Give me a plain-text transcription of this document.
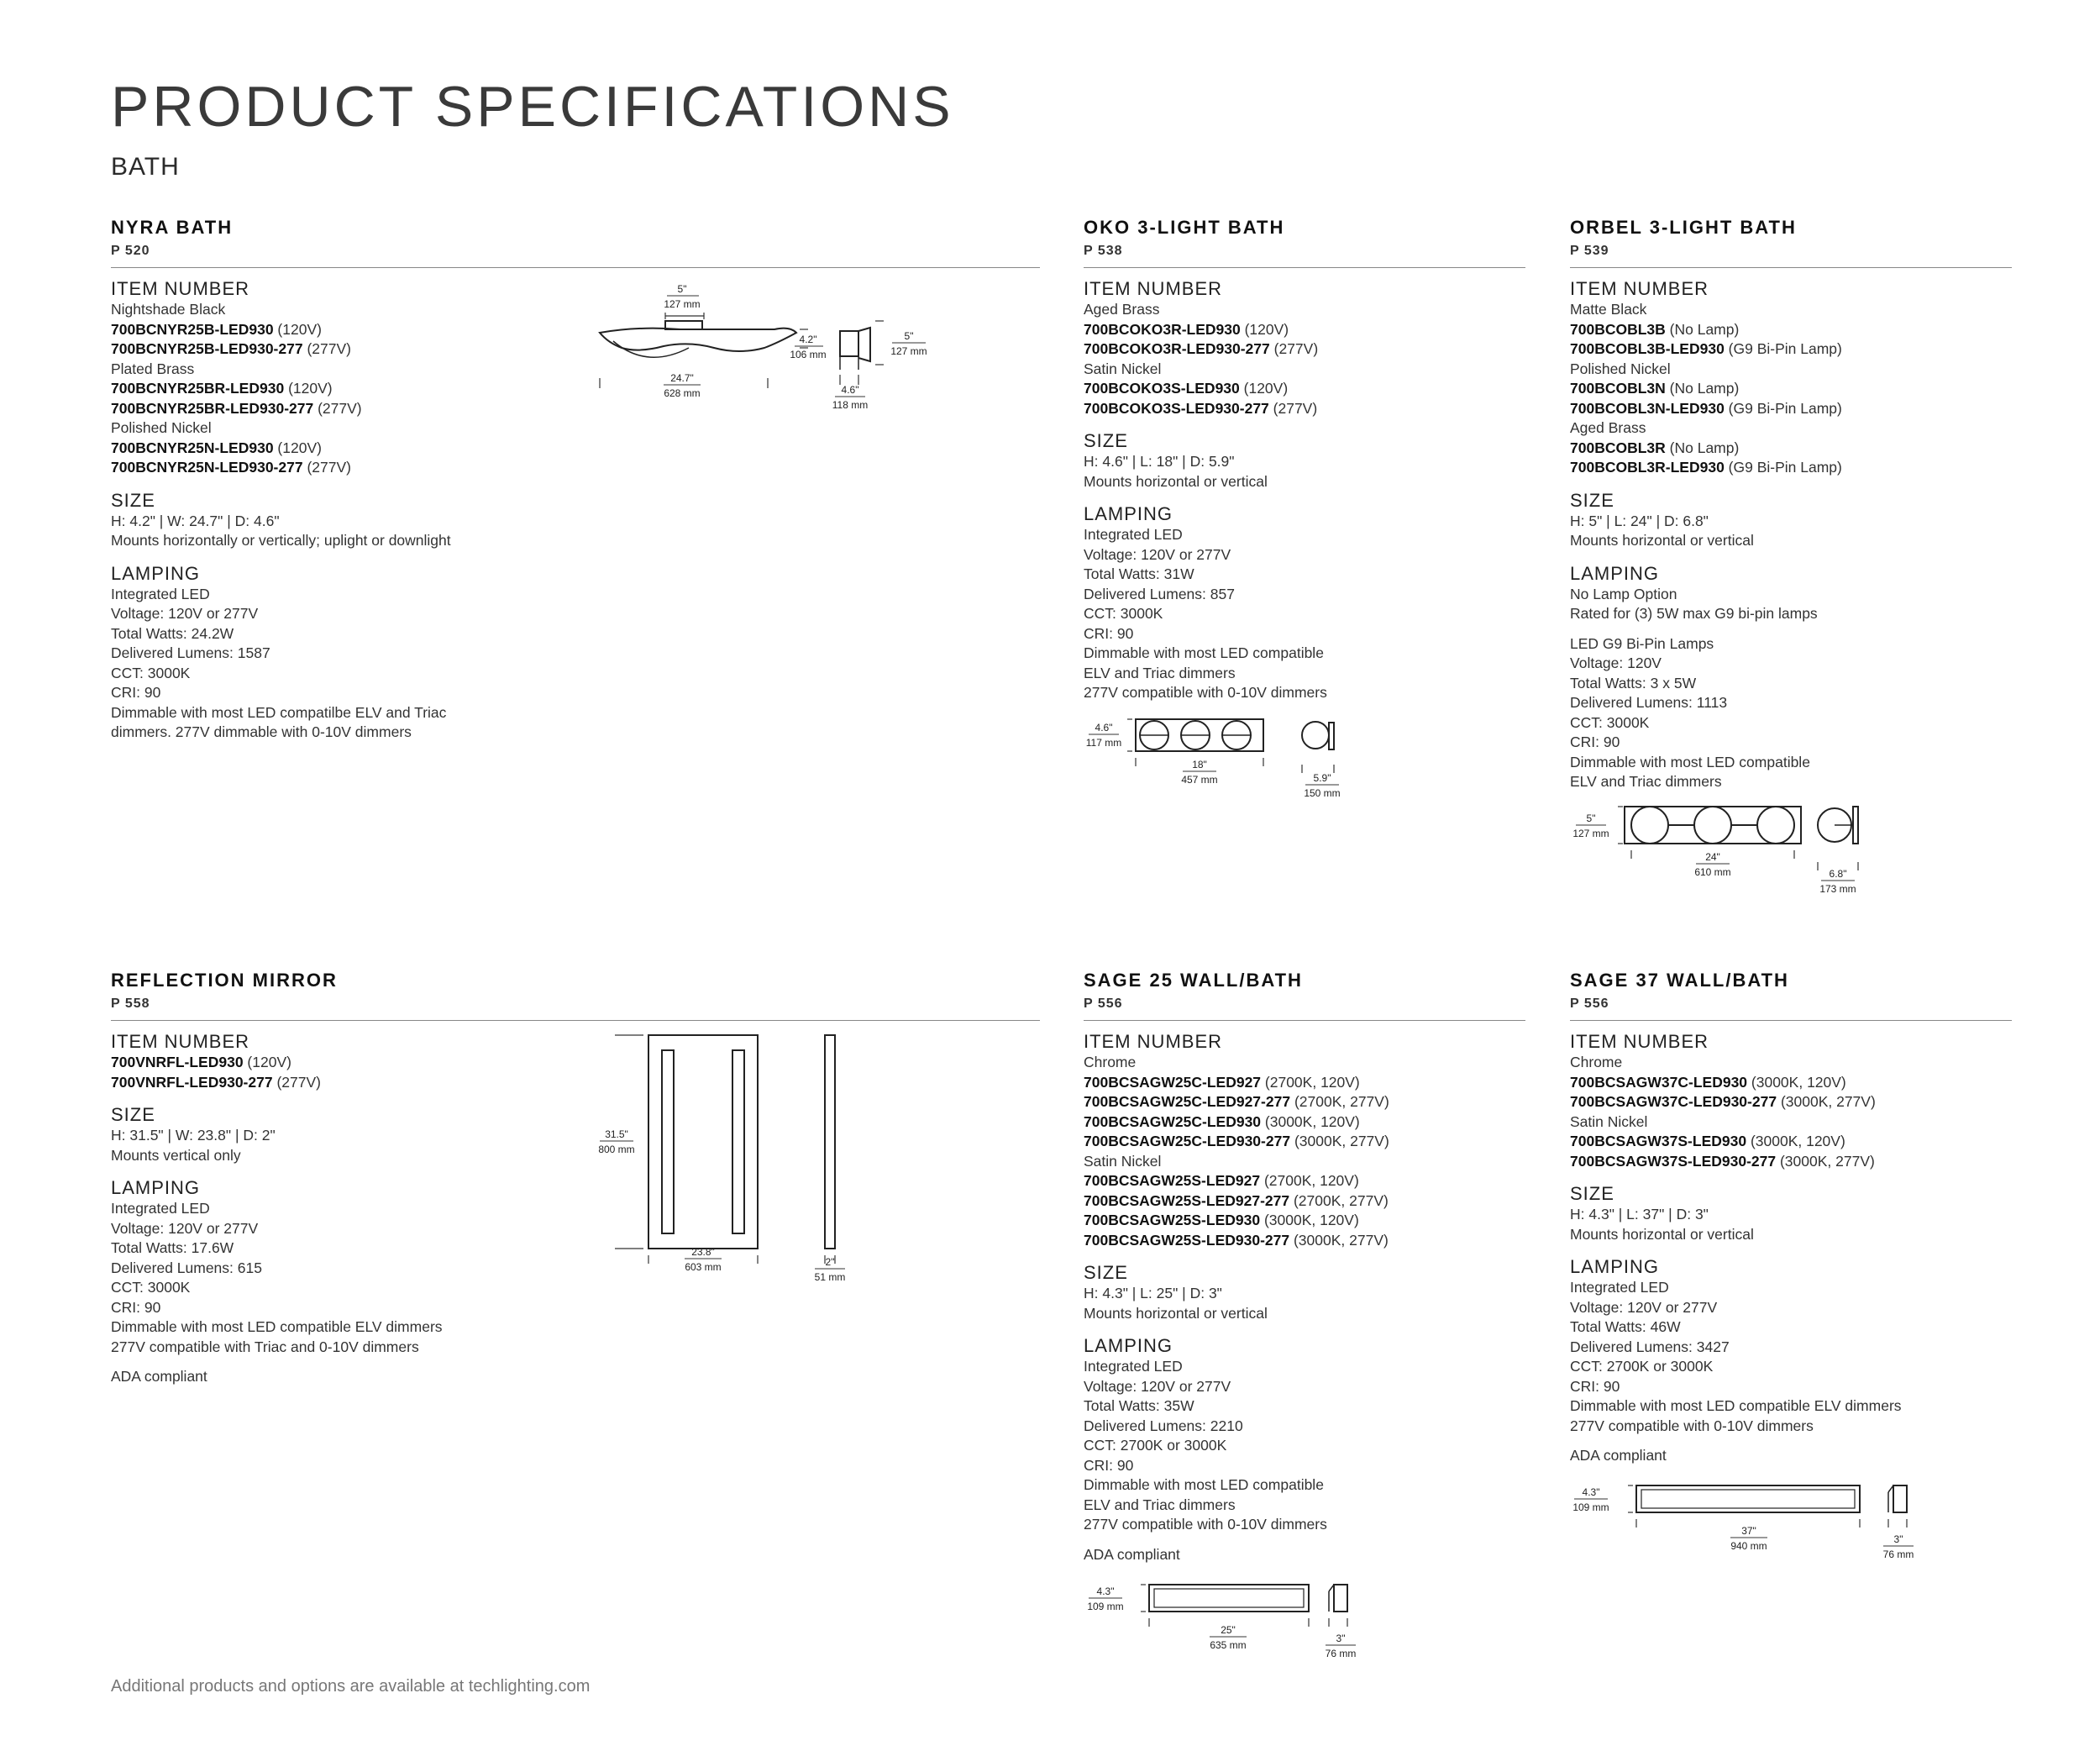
PRODUCT SPECIFICATIONS
BATH
NYRA BATH
P 520
ITEM NUMBER
Nightshade Black
700BCNYR25B-LED930 (120V)
700BCNYR25B-LED930-277 (277V)
Plated Brass
700BCNYR25BR-LED930 (120V)
700BCNYR25BR-LED930-277 (277V)
Polished Nickel
700BCNYR25N-LED930 (120V)
700BCNYR25N-LED930-277 (277V)
SIZE
H: 4.2" | W: 24.7" | D: 4.6"
Mounts horizontally or vertically; uplight or downlight
LAMPING
Integrated LED
Voltage: 120V or 277V
Total Watts: 24.2W
Delivered Lumens: 1587
CCT: 3000K
CRI: 90
Dimmable with most LED compatilbe ELV and Triac
dimmers. 277V dimmable with 0-10V dimmers
OKO 3-LIGHT BATH
P 538
ITEM NUMBER
Aged Brass
700BCOKO3R-LED930 (120V)
700BCOKO3R-LED930-277 (277V)
Satin Nickel
700BCOKO3S-LED930 (120V)
700BCOKO3S-LED930-277 (277V)
SIZE
H: 4.6" | L: 18" | D: 5.9"
Mounts horizontal or vertical
LAMPING
Integrated LED
Voltage: 120V or 277V
Total Watts: 31W
Delivered Lumens: 857
CCT: 3000K
CRI: 90
Dimmable with most LED compatible
ELV and Triac dimmers
277V compatible with 0-10V dimmers
ORBEL 3-LIGHT BATH
P 539
ITEM NUMBER
Matte Black
700BCOBL3B (No Lamp)
700BCOBL3B-LED930 (G9 Bi-Pin Lamp)
Polished Nickel
700BCOBL3N (No Lamp)
700BCOBL3N-LED930 (G9 Bi-Pin Lamp)
Aged Brass
700BCOBL3R (No Lamp)
700BCOBL3R-LED930 (G9 Bi-Pin Lamp)
SIZE
H: 5" | L: 24" | D: 6.8"
Mounts horizontal or vertical
LAMPING
No Lamp Option
Rated for (3) 5W max G9 bi-pin lamps
LED G9 Bi-Pin Lamps
Voltage: 120V
Total Watts: 3 x 5W
Delivered Lumens: 1113
CCT: 3000K
CRI: 90
Dimmable with most LED compatible
ELV and Triac dimmers
REFLECTION MIRROR
P 558
ITEM NUMBER
700VNRFL-LED930 (120V)
700VNRFL-LED930-277 (277V)
SIZE
H: 31.5" | W: 23.8" | D: 2"
Mounts vertical only
LAMPING
Integrated LED
Voltage: 120V or 277V
Total Watts: 17.6W
Delivered Lumens: 615
CCT: 3000K
CRI: 90
Dimmable with most LED compatible ELV dimmers
277V compatible with Triac and 0-10V dimmers
ADA compliant
SAGE 25 WALL/BATH
P 556
ITEM NUMBER
Chrome
700BCSAGW25C-LED927 (2700K, 120V)
700BCSAGW25C-LED927-277 (2700K, 277V)
700BCSAGW25C-LED930 (3000K, 120V)
700BCSAGW25C-LED930-277 (3000K, 277V)
Satin Nickel
700BCSAGW25S-LED927 (2700K, 120V)
700BCSAGW25S-LED927-277 (2700K, 277V)
700BCSAGW25S-LED930 (3000K, 120V)
700BCSAGW25S-LED930-277 (3000K, 277V)
SIZE
H: 4.3" | L: 25" | D: 3"
Mounts horizontal or vertical
LAMPING
Integrated LED
Voltage: 120V or 277V
Total Watts: 35W
Delivered Lumens: 2210
CCT: 2700K or 3000K
CRI: 90
Dimmable with most LED compatible
ELV and Triac dimmers
277V compatible with 0-10V dimmers
ADA compliant
SAGE 37 WALL/BATH
P 556
ITEM NUMBER
Chrome
700BCSAGW37C-LED930 (3000K, 120V)
700BCSAGW37C-LED930-277 (3000K, 277V)
Satin Nickel
700BCSAGW37S-LED930 (3000K, 120V)
700BCSAGW37S-LED930-277 (3000K, 277V)
SIZE
H: 4.3" | L: 37" | D: 3"
Mounts horizontal or vertical
LAMPING
Integrated LED
Voltage: 120V or 277V
Total Watts: 46W
Delivered Lumens: 3427
CCT: 2700K or 3000K
CRI: 90
Dimmable with most LED compatible ELV dimmers
277V compatible with 0-10V dimmers
ADA compliant
5"
127 mm
4.2"
106 mm
24.7"
628 mm	4.6"
118 mm
5"
127 mm
4.6"
117 mm
18"
457 mm	5.9"
150 mm
5"
127 mm
24"
610 mm	6.8"
173 mm
31.5"
800 mm
23.8"
603 mm	2"
51 mm
4.3"
109 mm
25"
635 mm
3"
76 mm
4.3"
109 mm
37"
940 mm
3"
76 mm
Additional products and options are available at techlighting.com
